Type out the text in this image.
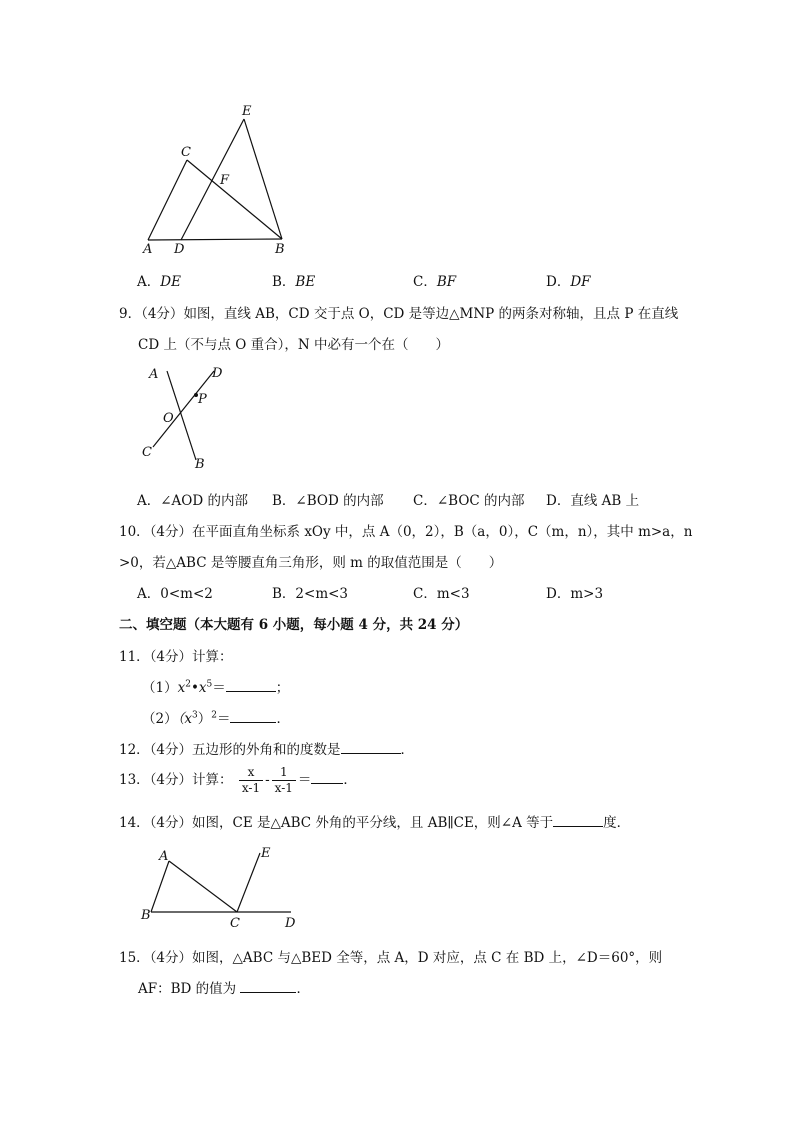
E
C
F
A D	B
A．DE	B．BE	C．BF	D．DF
9．（4分）如图，直线 AB，CD 交于点 O，CD 是等边△MNP 的两条对称轴，且点 P 在直线
CD 上（不与点 O 重合），N 中必有一个在（　　）
A	D
P
O
C
B
A．∠AOD 的内部 B．∠BOD 的内部 C．∠BOC 的内部 D．直线 AB 上
10．（4分）在平面直角坐标系 xOy 中，点 A（0，2），B（a，0），C（m，n），其中 m>a，n
>0，若△ABC 是等腰直角三角形，则 m 的取值范围是（　　）
A．0<m<2	B．2<m<3	C．m<3	D．m>3
二、填空题（本大题有 6 小题，每小题 4 分，共 24 分）
11．（4分）计算：
$(1)x^2•x^5=$	；
$(2)(x^3)^2=$	．
12．（4分）五边形的外角和的度数是	．
13．（4分）计算： $\frac{x}{x-1} - \frac{1}{x-1}$ ＝ ．
14．（4分）如图，CE 是△ABC 外角的平分线，且 AB∥CE，则∠A 等于	度．
A	E
B
C	D
15．（4分）如图，△ABC 与△BED 全等，点 A，D 对应，点 C 在 BD 上，∠D＝60°，则
AF：BD 的值为	．
